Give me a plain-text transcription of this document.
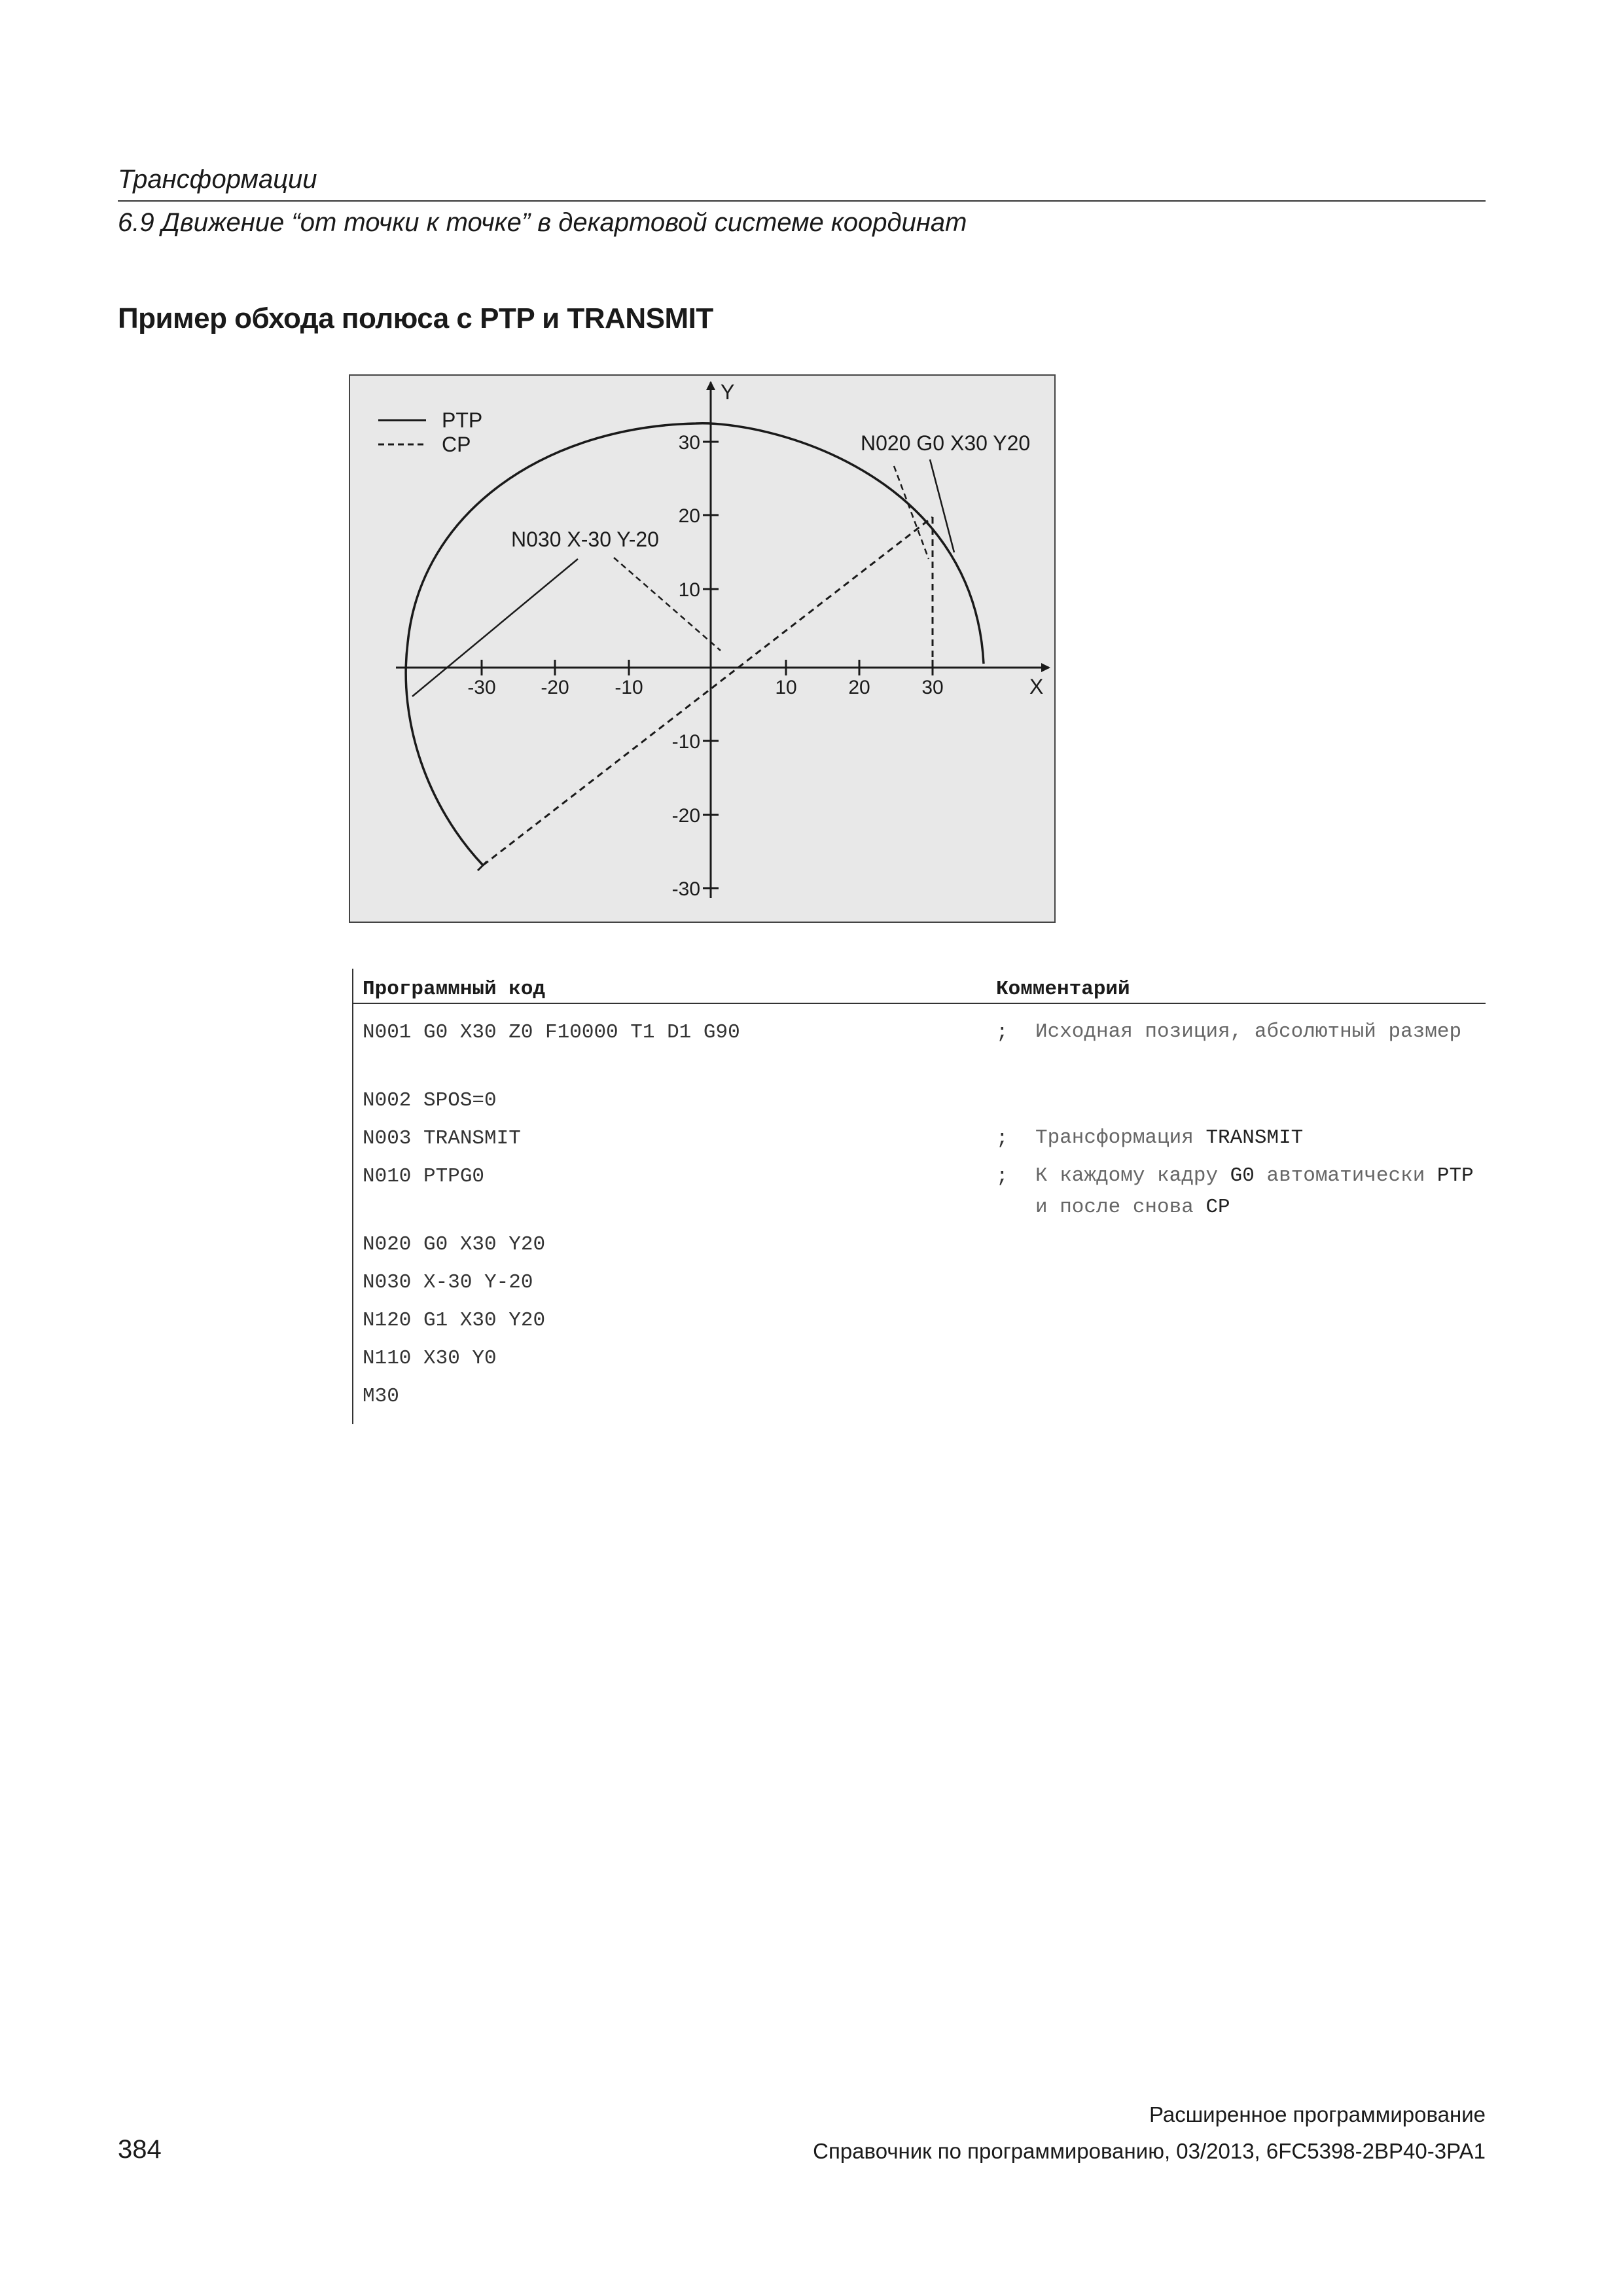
Трансформации
6.9 Движение “от точки к точке” в декартовой системе координат
Пример обхода полюса с PTP и TRANSMIT
PTP
CP
X
Y
-30 -20 -10	10	20	30
30
20
10
-10
-20
-30
N020 G0 X30 Y20
N030 X-30 Y-20
Программный код	Комментарий
N001 G0 X30 Z0 F10000 T1 D1 G90	; Исходная позиция, абсолютный размер
N002 SPOS=0
N003 TRANSMIT	; Трансформация TRANSMIT
N010 PTPG0	; К каждому кадру G0 автоматически PTP и после снова CP
N020 G0 X30 Y20
N030 X-30 Y-20
N120 G1 X30 Y20
N110 X30 Y0
M30
Расширенное программирование
384	Справочник по программированию, 03/2013, 6FC5398-2BP40-3PA1
